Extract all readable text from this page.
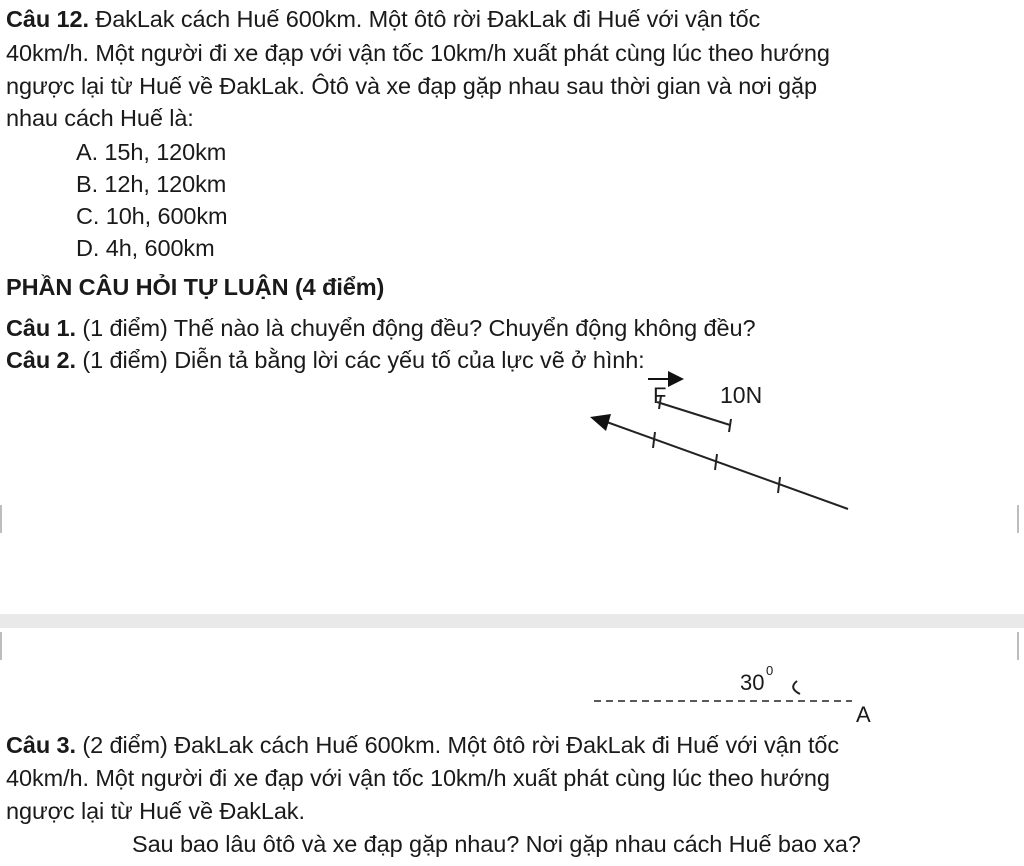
Câu 12. ĐakLak cách Huế 600km. Một ôtô rời ĐakLak đi Huế với vận tốc
40km/h. Một người đi xe đạp với vận tốc 10km/h xuất phát cùng lúc theo hướng
ngược lại từ Huế về ĐakLak. Ôtô và xe đạp gặp nhau sau thời gian và nơi gặp
nhau cách Huế là:
A. 15h, 120km
B. 12h, 120km
C. 10h, 600km
D. 4h, 600km
PHẦN CÂU HỎI TỰ LUẬN (4 điểm)
Câu 1. (1 điểm) Thế nào là chuyển động đều? Chuyển động không đều?
Câu 2. (1 điểm) Diễn tả bằng lời các yếu tố của lực vẽ ở hình:
F 10N
30 0
A
Câu 3. (2 điểm) ĐakLak cách Huế 600km. Một ôtô rời ĐakLak đi Huế với vận tốc
40km/h. Một người đi xe đạp với vận tốc 10km/h xuất phát cùng lúc theo hướng
ngược lại từ Huế về ĐakLak.
Sau bao lâu ôtô và xe đạp gặp nhau? Nơi gặp nhau cách Huế bao xa?
